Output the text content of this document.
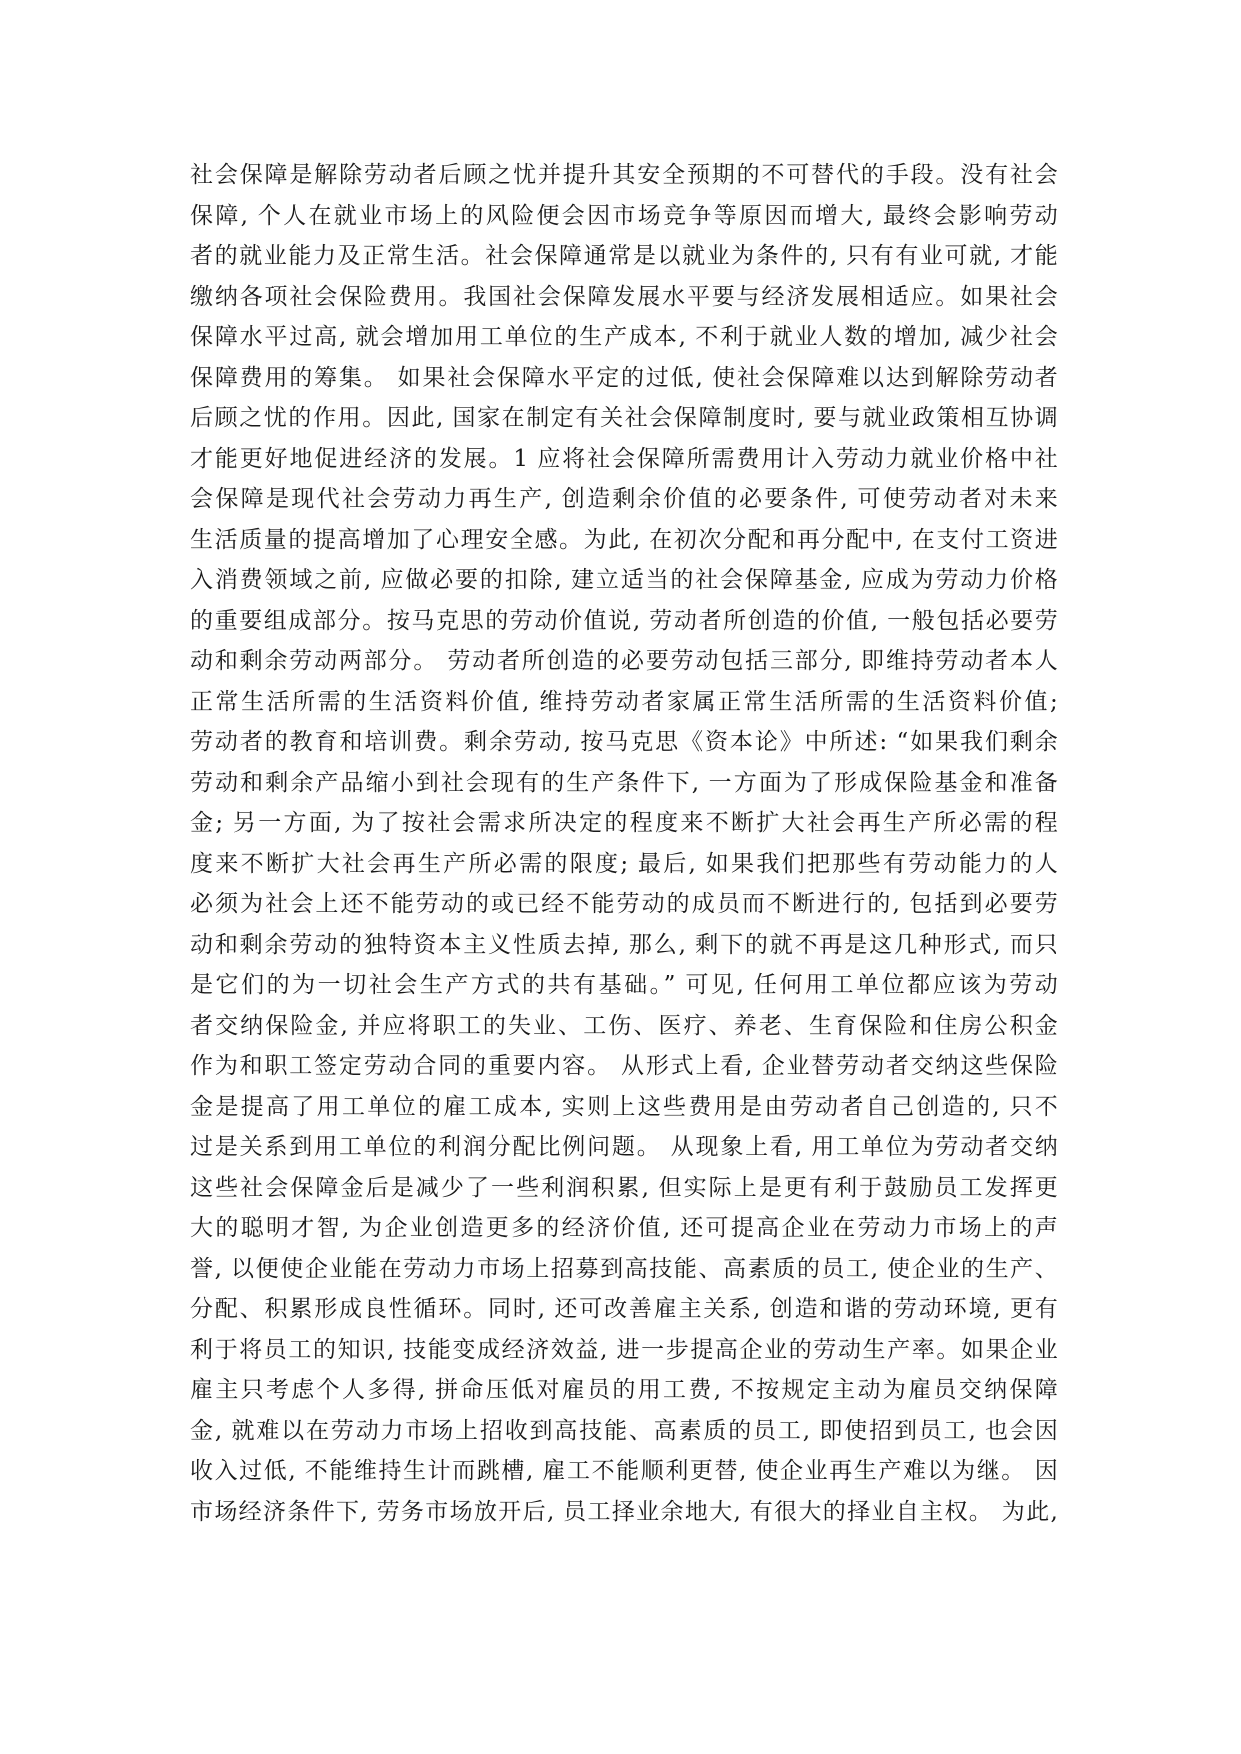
社会保障是解除劳动者后顾之忧并提升其安全预期的不可替代的手段。没有社会
保障, 个人在就业市场上的风险便会因市场竞争等原因而增大, 最终会影响劳动
者的就业能力及正常生活。社会保障通常是以就业为条件的, 只有有业可就, 才能
缴纳各项社会保险费用。我国社会保障发展水平要与经济发展相适应。如果社会
保障水平过高, 就会增加用工单位的生产成本, 不利于就业人数的增加, 减少社会
保障费用的筹集。 如果社会保障水平定的过低, 使社会保障难以达到解除劳动者
后顾之忧的作用。因此, 国家在制定有关社会保障制度时, 要与就业政策相互协调
才能更好地促进经济的发展。1 应将社会保障所需费用计入劳动力就业价格中社
会保障是现代社会劳动力再生产, 创造剩余价值的必要条件, 可使劳动者对未来
生活质量的提高增加了心理安全感。为此, 在初次分配和再分配中, 在支付工资进
入消费领域之前, 应做必要的扣除, 建立适当的社会保障基金, 应成为劳动力价格
的重要组成部分。按马克思的劳动价值说, 劳动者所创造的价值, 一般包括必要劳
动和剩余劳动两部分。 劳动者所创造的必要劳动包括三部分, 即维持劳动者本人
正常生活所需的生活资料价值, 维持劳动者家属正常生活所需的生活资料价值;
劳动者的教育和培训费。剩余劳动, 按马克思《资本论》中所述: “如果我们剩余
劳动和剩余产品缩小到社会现有的生产条件下, 一方面为了形成保险基金和准备
金; 另一方面, 为了按社会需求所决定的程度来不断扩大社会再生产所必需的程
度来不断扩大社会再生产所必需的限度; 最后, 如果我们把那些有劳动能力的人
必须为社会上还不能劳动的或已经不能劳动的成员而不断进行的, 包括到必要劳
动和剩余劳动的独特资本主义性质去掉, 那么, 剩下的就不再是这几种形式, 而只
是它们的为一切社会生产方式的共有基础。” 可见, 任何用工单位都应该为劳动
者交纳保险金, 并应将职工的失业、工伤、医疗、养老、生育保险和住房公积金
作为和职工签定劳动合同的重要内容。 从形式上看, 企业替劳动者交纳这些保险
金是提高了用工单位的雇工成本, 实则上这些费用是由劳动者自己创造的, 只不
过是关系到用工单位的利润分配比例问题。 从现象上看, 用工单位为劳动者交纳
这些社会保障金后是减少了一些利润积累, 但实际上是更有利于鼓励员工发挥更
大的聪明才智, 为企业创造更多的经济价值, 还可提高企业在劳动力市场上的声
誉, 以便使企业能在劳动力市场上招募到高技能、高素质的员工, 使企业的生产、
分配、积累形成良性循环。同时, 还可改善雇主关系, 创造和谐的劳动环境, 更有
利于将员工的知识, 技能变成经济效益, 进一步提高企业的劳动生产率。如果企业
雇主只考虑个人多得, 拼命压低对雇员的用工费, 不按规定主动为雇员交纳保障
金, 就难以在劳动力市场上招收到高技能、高素质的员工, 即使招到员工, 也会因
收入过低, 不能维持生计而跳槽, 雇工不能顺利更替, 使企业再生产难以为继。 因
市场经济条件下, 劳务市场放开后, 员工择业余地大, 有很大的择业自主权。 为此,
